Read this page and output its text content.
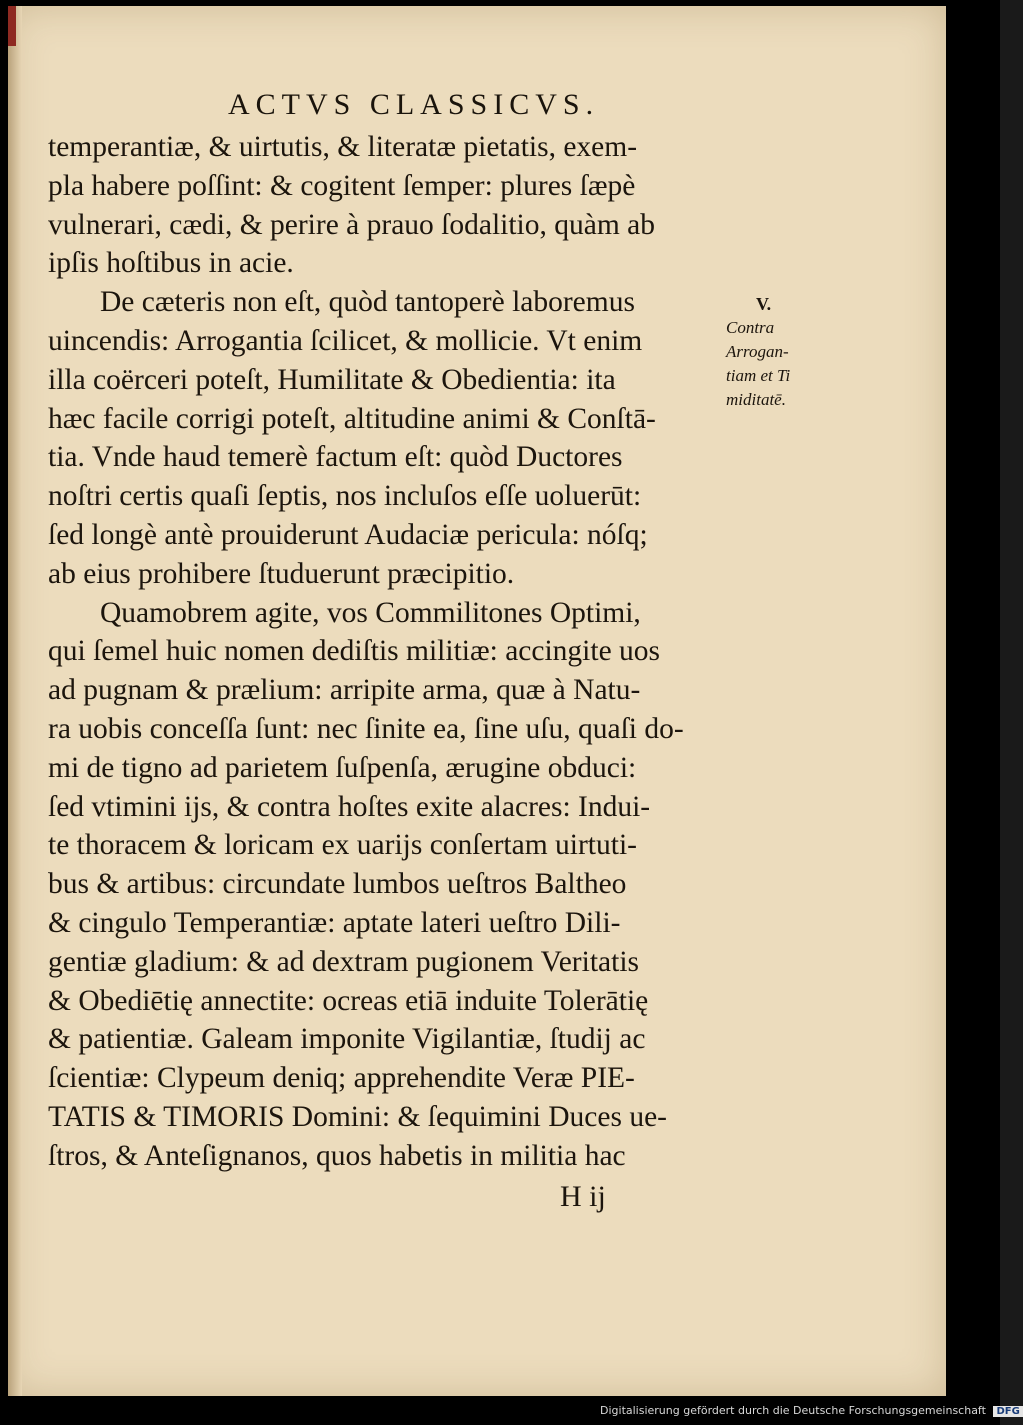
ACTVS CLASSICVS.
temperantiæ, & uirtutis, & literatæ pietatis, exem-
pla habere poſſint: & cogitent ſemper: plures ſæpè
vulnerari, cædi, & perire à prauo ſodalitio, quàm ab
ipſis hoſtibus in acie.
De cæteris non eſt, quòd tantoperè laboremus
uincendis: Arrogantia ſcilicet, & mollicie. Vt enim
illa coërceri poteſt, Humilitate & Obedientia: ita
hæc facile corrigi poteſt, altitudine animi & Conſtā-
tia. Vnde haud temerè factum eſt: quòd Ductores
noſtri certis quaſi ſeptis, nos incluſos eſſe uoluerūt:
ſed longè antè prouiderunt Audaciæ pericula: nóſq;
ab eius prohibere ſtuduerunt præcipitio.
Quamobrem agite, vos Commilitones Optimi,
qui ſemel huic nomen dediſtis militiæ: accingite uos
ad pugnam & prælium: arripite arma, quæ à Natu-
ra uobis conceſſa ſunt: nec ſinite ea, ſine uſu, quaſi do-
mi de tigno ad parietem ſuſpenſa, ærugine obduci:
ſed vtimini ijs, & contra hoſtes exite alacres: Indui-
te thoracem & loricam ex uarijs conſertam uirtuti-
bus & artibus: circundate lumbos ueſtros Baltheo
& cingulo Temperantiæ: aptate lateri ueſtro Dili-
gentiæ gladium: & ad dextram pugionem Veritatis
& Obediētię annectite: ocreas etiā induite Tolerātię
& patientiæ. Galeam imponite Vigilantiæ, ſtudij ac
ſcientiæ: Clypeum deniq; apprehendite Veræ PIE-
TATIS & TIMORIS Domini: & ſequimini Duces ue-
ſtros, & Anteſignanos, quos habetis in militia hac
V.
Contra
Arrogan-
tiam et Ti
miditatē.
H ij
Digitalisierung gefördert durch die Deutsche Forschungsgemeinschaft DFG
